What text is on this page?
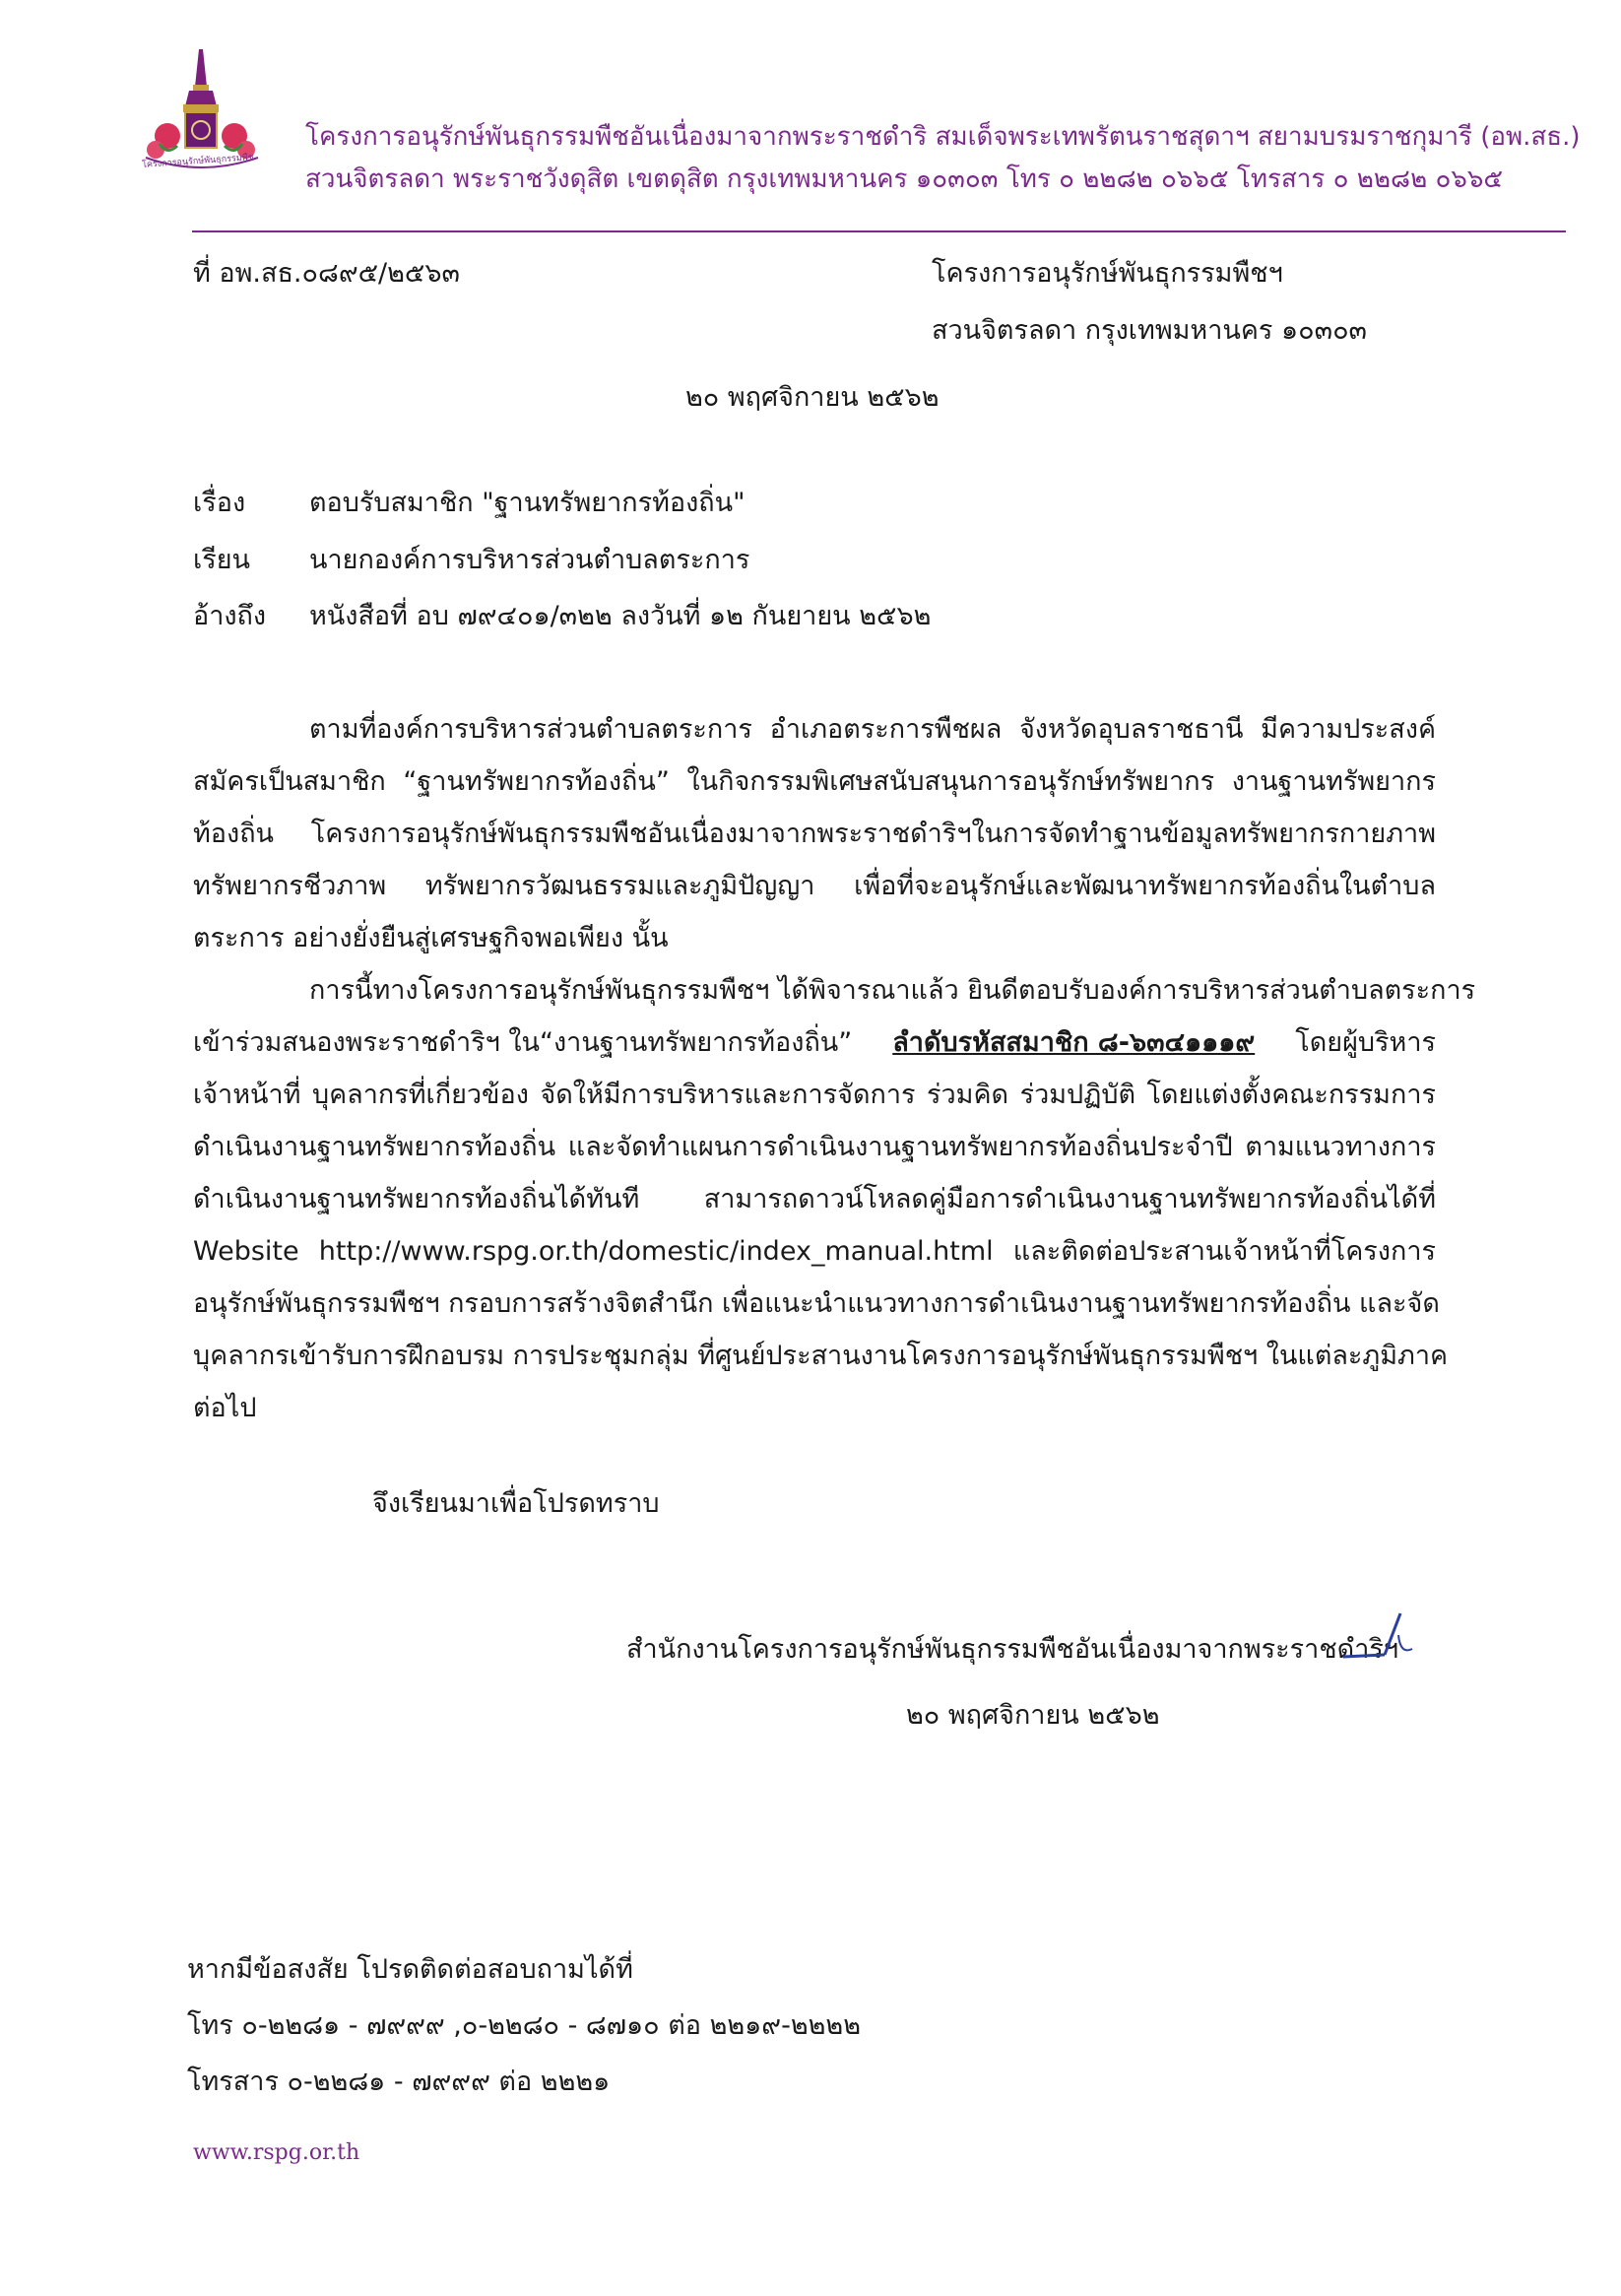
โครงการอนุรักษ์พันธุกรรมพืช
โครงการอนุรักษ์พันธุกรรมพืชอันเนื่องมาจากพระราชดำริ สมเด็จพระเทพรัตนราชสุดาฯ สยามบรมราชกุมารี (อพ.สธ.)
สวนจิตรลดา พระราชวังดุสิต เขตดุสิต กรุงเทพมหานคร ๑๐๓๐๓ โทร ๐ ๒๒๘๒ ๐๖๖๕ โทรสาร ๐ ๒๒๘๒ ๐๖๖๕
ที่ อพ.สธ.๐๘๙๕/๒๕๖๓	โครงการอนุรักษ์พันธุกรรมพืชฯ
สวนจิตรลดา กรุงเทพมหานคร ๑๐๓๐๓
๒๐ พฤศจิกายน ๒๕๖๒
เรื่อง ตอบรับสมาชิก "ฐานทรัพยากรท้องถิ่น"
เรียน นายกองค์การบริหารส่วนตำบลตระการ
อ้างถึง หนังสือที่ อบ ๗๙๔๐๑/๓๒๒ ลงวันที่ ๑๒ กันยายน ๒๕๖๒
ตามที่องค์การบริหารส่วนตำบลตระการ อำเภอตระการพืชผล จังหวัดอุบลราชธานี มีความประสงค์
สมัครเป็นสมาชิก “ฐานทรัพยากรท้องถิ่น” ในกิจกรรมพิเศษสนับสนุนการอนุรักษ์ทรัพยากร งานฐานทรัพยากร
ท้องถิ่น โครงการอนุรักษ์พันธุกรรมพืชอันเนื่องมาจากพระราชดำริฯในการจัดทำฐานข้อมูลทรัพยากรกายภาพ
ทรัพยากรชีวภาพ ทรัพยากรวัฒนธรรมและภูมิปัญญา เพื่อที่จะอนุรักษ์และพัฒนาทรัพยากรท้องถิ่นในตำบล
ตระการ อย่างยั่งยืนสู่เศรษฐกิจพอเพียง นั้น
การนี้ทางโครงการอนุรักษ์พันธุกรรมพืชฯ ได้พิจารณาแล้ว ยินดีตอบรับองค์การบริหารส่วนตำบลตระการ
เข้าร่วมสนองพระราชดำริฯ ใน“งานฐานทรัพยากรท้องถิ่น” ลำดับรหัสสมาชิก ๘-๖๓๔๑๑๑๙ โดยผู้บริหาร
เจ้าหน้าที่ บุคลากรที่เกี่ยวข้อง จัดให้มีการบริหารและการจัดการ ร่วมคิด ร่วมปฏิบัติ โดยแต่งตั้งคณะกรรมการ
ดำเนินงานฐานทรัพยากรท้องถิ่น และจัดทำแผนการดำเนินงานฐานทรัพยากรท้องถิ่นประจำปี ตามแนวทางการ
ดำเนินงานฐานทรัพยากรท้องถิ่นได้ทันที สามารถดาวน์โหลดคู่มือการดำเนินงานฐานทรัพยากรท้องถิ่นได้ที่
Website http://www.rspg.or.th/domestic/index_manual.html และติดต่อประสานเจ้าหน้าที่โครงการ
อนุรักษ์พันธุกรรมพืชฯ กรอบการสร้างจิตสำนึก เพื่อแนะนำแนวทางการดำเนินงานฐานทรัพยากรท้องถิ่น และจัด
บุคลากรเข้ารับการฝึกอบรม การประชุมกลุ่ม ที่ศูนย์ประสานงานโครงการอนุรักษ์พันธุกรรมพืชฯ ในแต่ละภูมิภาค
ต่อไป
จึงเรียนมาเพื่อโปรดทราบ
สำนักงานโครงการอนุรักษ์พันธุกรรมพืชอันเนื่องมาจากพระราชดำริฯ
๒๐ พฤศจิกายน ๒๕๖๒
หากมีข้อสงสัย โปรดติดต่อสอบถามได้ที่
โทร ๐-๒๒๘๑ - ๗๙๙๙ ,๐-๒๒๘๐ - ๘๗๑๐ ต่อ ๒๒๑๙-๒๒๒๒
โทรสาร ๐-๒๒๘๑ - ๗๙๙๙ ต่อ ๒๒๒๑
www.rspg.or.th
